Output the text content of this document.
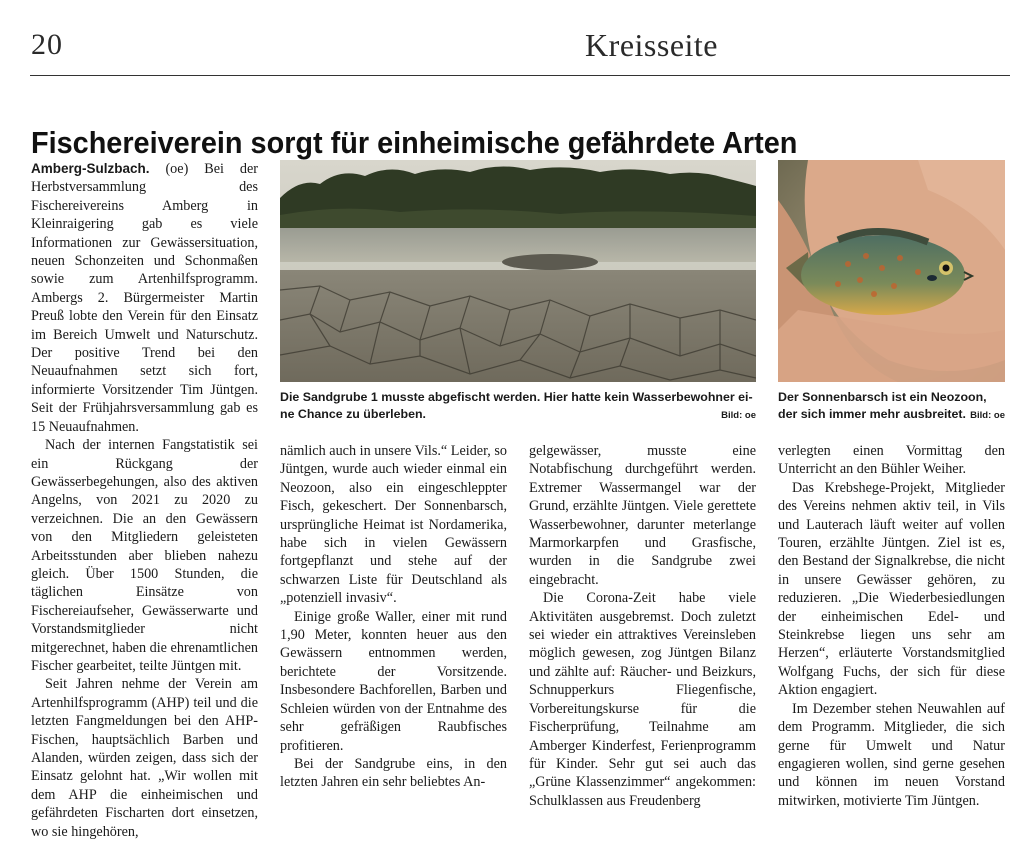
20	Kreisseite
Fischereiverein sorgt für einheimische gefährdete Arten

Amberg-Sulzbach. (oe) Bei der Herbstversammlung des Fischereivereins Amberg in Kleinraigering gab es viele Informationen zur Gewässersituation, neuen Schonzeiten und Schonmaßen sowie zum Artenhilfsprogramm. Ambergs 2. Bürgermeister Martin Preuß lobte den Verein für den Einsatz im Bereich Umwelt und Naturschutz. Der positive Trend bei den Neuaufnahmen setzt sich fort, informierte Vorsitzender Tim Jüntgen. Seit der Frühjahrsversammlung gab es 15 Neuaufnahmen.

Nach der internen Fangstatistik sei ein Rückgang der Gewässerbegehungen, also des aktiven Angelns, von 2021 zu 2020 zu verzeichnen. Die an den Gewässern von den Mitgliedern geleisteten Arbeitsstunden aber blieben nahezu gleich. Über 1500 Stunden, die täglichen Einsätze von Fischereiaufseher, Gewässerwarte und Vorstandsmitglieder nicht mitgerechnet, haben die ehrenamtlichen Fischer gearbeitet, teilte Jüntgen mit.

Seit Jahren nehme der Verein am Artenhilfsprogramm (AHP) teil und die letzten Fangmeldungen bei den AHP-Fischen, hauptsächlich Barben und Alanden, würden zeigen, dass sich der Einsatz gelohnt hat. „Wir wollen mit dem AHP die einheimischen und gefährdeten Fischarten dort einsetzen, wo sie hingehören,

Die Sandgrube 1 musste abgefischt werden. Hier hatte kein Wasserbewohner ei-
ne Chance zu überleben.	Bild: oe
Der Sonnenbarsch ist ein Neozoon,
der sich immer mehr ausbreitet. Bild: oe

nämlich auch in unsere Vils.“ Leider, so Jüntgen, wurde auch wieder einmal ein Neozoon, also ein eingeschleppter Fisch, gekeschert. Der Sonnenbarsch, ursprüngliche Heimat ist Nordamerika, habe sich in vielen Gewässern fortgepflanzt und stehe auf der schwarzen Liste für Deutschland als „potenziell invasiv“.

Einige große Waller, einer mit rund 1,90 Meter, konnten heuer aus den Gewässern entnommen werden, berichtete der Vorsitzende. Insbesondere Bachforellen, Barben und Schleien würden von der Entnahme des sehr gefräßigen Raubfisches profitieren.

Bei der Sandgrube eins, in den letzten Jahren ein sehr beliebtes An-

gelgewässer, musste eine Notabfischung durchgeführt werden. Extremer Wassermangel war der Grund, erzählte Jüntgen. Viele gerettete Wasserbewohner, darunter meterlange Marmorkarpfen und Grasfische, wurden in die Sandgrube zwei eingebracht.

Die Corona-Zeit habe viele Aktivitäten ausgebremst. Doch zuletzt sei wieder ein attraktives Vereinsleben möglich gewesen, zog Jüntgen Bilanz und zählte auf: Räucher- und Beizkurs, Schnupperkurs Fliegenfische, Vorbereitungskurse für die Fischerprüfung, Teilnahme am Amberger Kinderfest, Ferienprogramm für Kinder. Sehr gut sei auch das „Grüne Klassenzimmer“ angekommen: Schulklassen aus Freudenberg

verlegten einen Vormittag den Unterricht an den Bühler Weiher.

Das Krebshege-Projekt, Mitglieder des Vereins nehmen aktiv teil, in Vils und Lauterach läuft weiter auf vollen Touren, erzählte Jüntgen. Ziel ist es, den Bestand der Signalkrebse, die nicht in unsere Gewässer gehören, zu reduzieren. „Die Wiederbesiedlungen der einheimischen Edel- und Steinkrebse liegen uns sehr am Herzen“, erläuterte Vorstandsmitglied Wolfgang Fuchs, der sich für diese Aktion engagiert.

Im Dezember stehen Neuwahlen auf dem Programm. Mitglieder, die sich gerne für Umwelt und Natur engagieren wollen, sind gerne gesehen und können im neuen Vorstand mitwirken, motivierte Tim Jüntgen.
